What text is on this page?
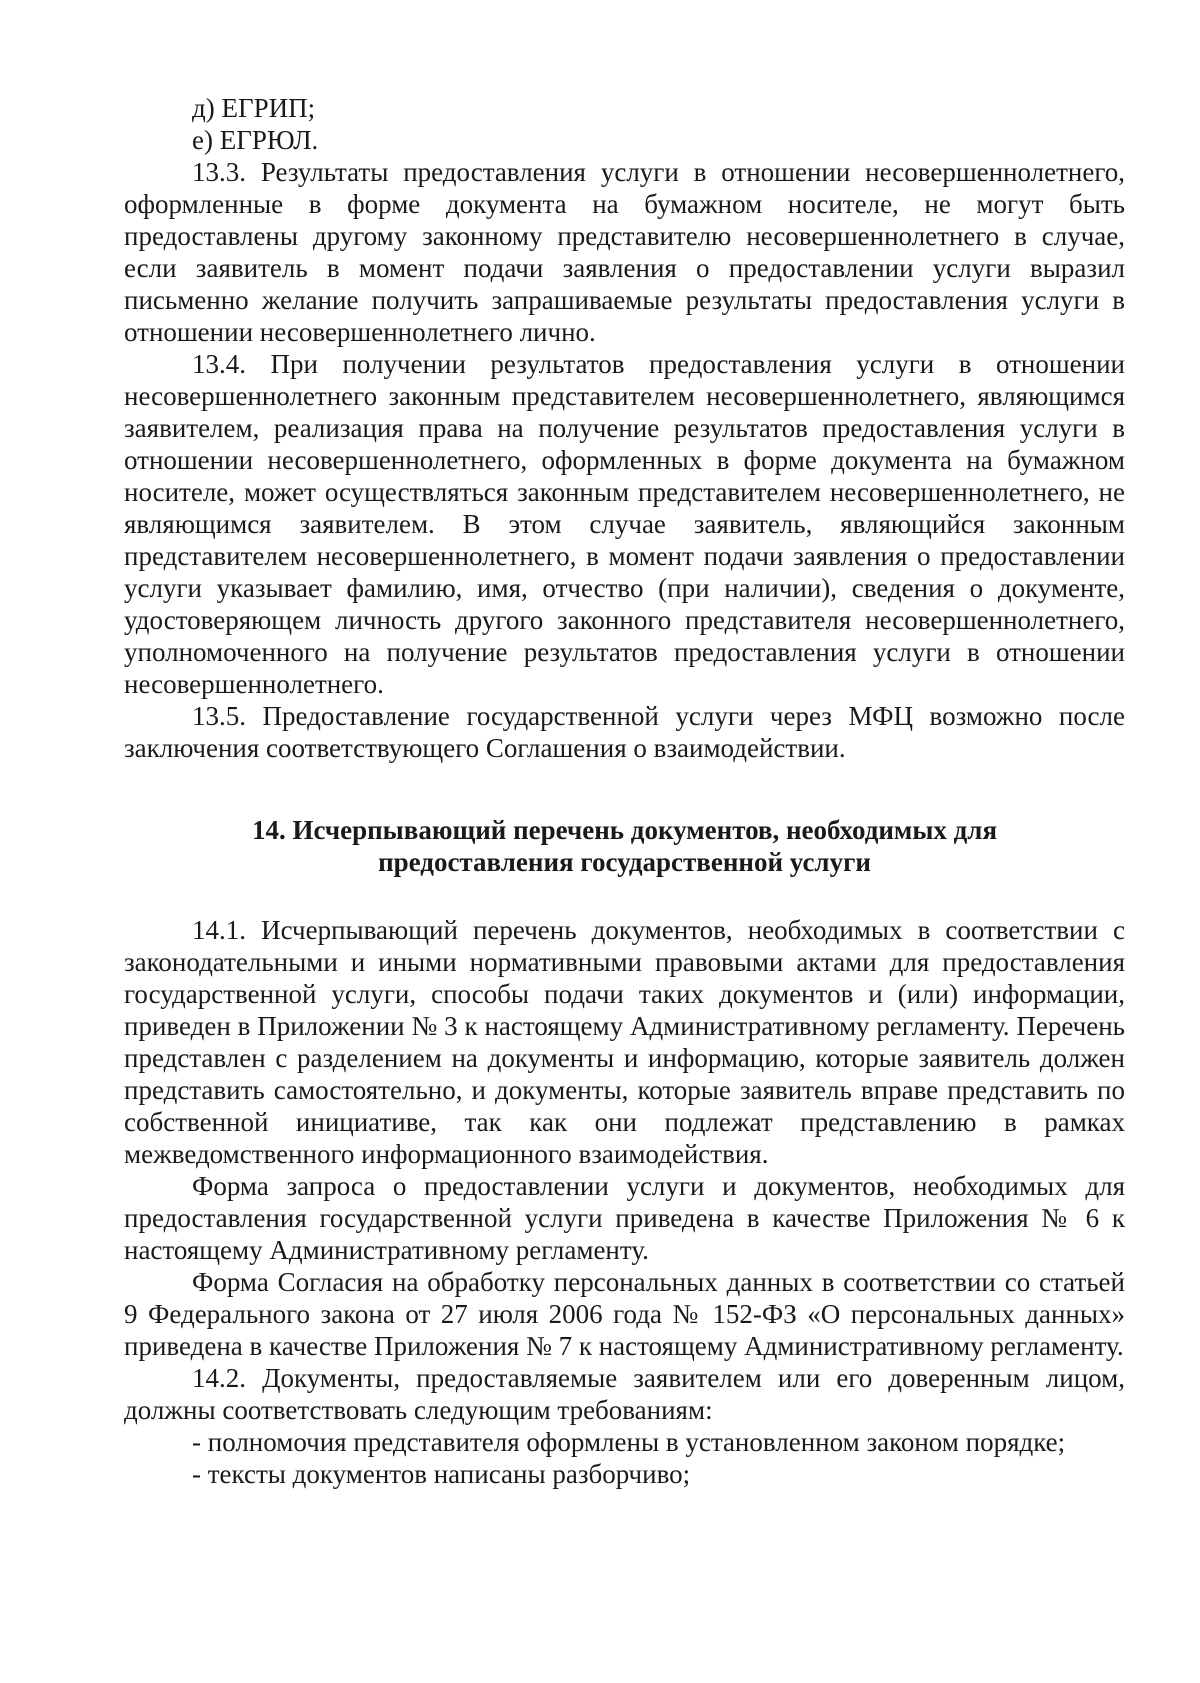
д) ЕГРИП;

е) ЕГРЮЛ.

13.3. Результаты предоставления услуги в отношении несовершеннолетнего, оформленные в форме документа на бумажном носителе, не могут быть предоставлены другому законному представителю несовершеннолетнего в случае, если заявитель в момент подачи заявления о предоставлении услуги выразил письменно желание получить запрашиваемые результаты предоставления услуги в отношении несовершеннолетнего лично.

13.4. При получении результатов предоставления услуги в отношении несовершеннолетнего законным представителем несовершеннолетнего, являющимся заявителем, реализация права на получение результатов предоставления услуги в отношении несовершеннолетнего, оформленных в форме документа на бумажном носителе, может осуществляться законным представителем несовершеннолетнего, не являющимся заявителем. В этом случае заявитель, являющийся законным представителем несовершеннолетнего, в момент подачи заявления о предоставлении услуги указывает фамилию, имя, отчество (при наличии), сведения о документе, удостоверяющем личность другого законного представителя несовершеннолетнего, уполномоченного на получение результатов предоставления услуги в отношении несовершеннолетнего.

13.5. Предоставление государственной услуги через МФЦ возможно после заключения соответствующего Соглашения о взаимодействии.

14. Исчерпывающий перечень документов, необходимых для предоставления государственной услуги

14.1. Исчерпывающий перечень документов, необходимых в соответствии с законодательными и иными нормативными правовыми актами для предоставления государственной услуги, способы подачи таких документов и (или) информации, приведен в Приложении № 3 к настоящему Административному регламенту. Перечень представлен с разделением на документы и информацию, которые заявитель должен представить самостоятельно, и документы, которые заявитель вправе представить по собственной инициативе, так как они подлежат представлению в рамках межведомственного информационного взаимодействия.

Форма запроса о предоставлении услуги и документов, необходимых для предоставления государственной услуги приведена в качестве Приложения № 6 к настоящему Административному регламенту.

Форма Согласия на обработку персональных данных в соответствии со статьей 9 Федерального закона от 27 июля 2006 года № 152-ФЗ «О персональных данных» приведена в качестве Приложения № 7 к настоящему Административному регламенту.

14.2. Документы, предоставляемые заявителем или его доверенным лицом, должны соответствовать следующим требованиям:

- полномочия представителя оформлены в установленном законом порядке;

- тексты документов написаны разборчиво;
